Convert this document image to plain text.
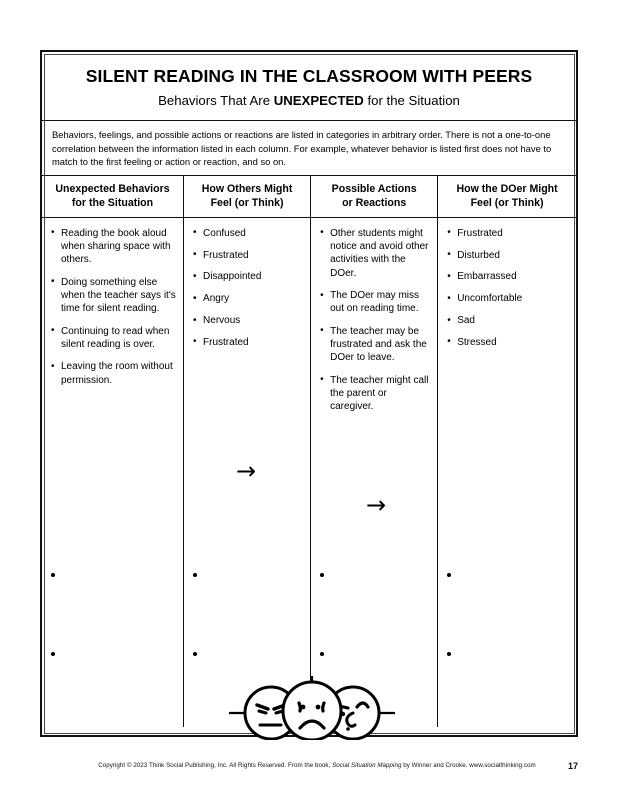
SILENT READING IN THE CLASSROOM WITH PEERS
Behaviors That Are UNEXPECTED for the Situation
Behaviors, feelings, and possible actions or reactions are listed in categories in arbitrary order. There is not a one-to-one correlation between the information listed in each column. For example, whatever behavior is listed first does not have to match to the first feeling or action or reaction, and so on.
Unexpected Behaviors
for the Situation
• Reading the book aloud when sharing space with others.
• Doing something else when the teacher says it's time for silent reading.
• Continuing to read when silent reading is over.
• Leaving the room without permission.
How Others Might
Feel (or Think)
• Confused
• Frustrated
• Disappointed
• Angry
• Nervous
• Frustrated
Possible Actions
or Reactions
• Other students might notice and avoid other activities with the DOer.
• The DOer may miss out on reading time.
• The teacher may be frustrated and ask the DOer to leave.
• The teacher might call the parent or caregiver.
How the DOer Might
Feel (or Think)
• Frustrated
• Disturbed
• Embarrassed
• Uncomfortable
• Sad
• Stressed
→
→
Copyright © 2023 Think Social Publishing, Inc. All Rights Reserved. From the book, Social Situation Mapping by Winner and Crooke. www.socialthinking.com	17
